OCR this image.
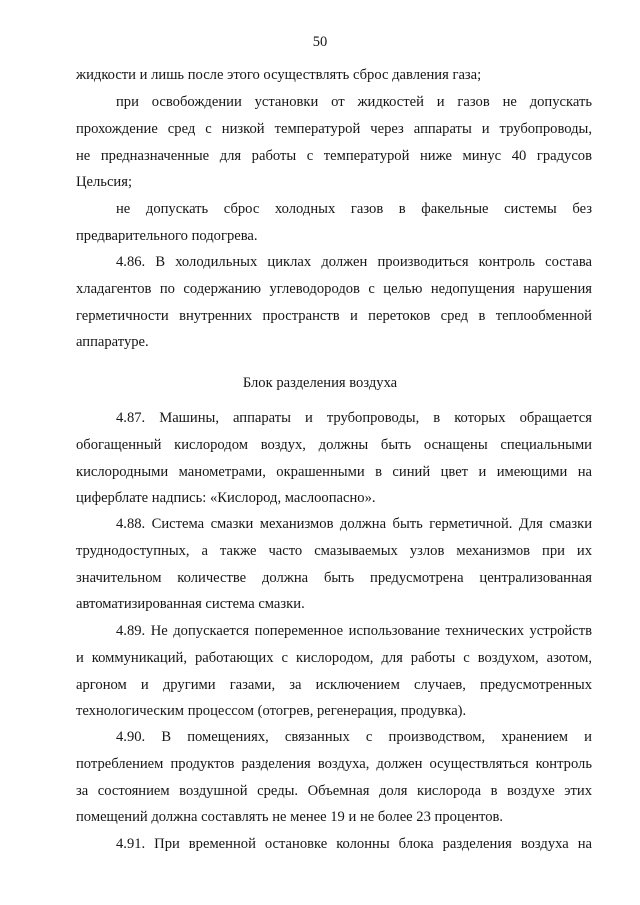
50
жидкости и лишь после этого осуществлять сброс давления газа;
при освобождении установки от жидкостей и газов не допускать
прохождение сред с низкой температурой через аппараты и трубопроводы,
не предназначенные для работы с температурой ниже минус 40 градусов
Цельсия;
не допускать сброс холодных газов в факельные системы без
предварительного подогрева.
4.86. В холодильных циклах должен производиться контроль состава
хладагентов по содержанию углеводородов с целью недопущения нарушения
герметичности внутренних пространств и перетоков сред в теплообменной
аппаратуре.
Блок разделения воздуха
4.87. Машины, аппараты и трубопроводы, в которых обращается
обогащенный кислородом воздух, должны быть оснащены специальными
кислородными манометрами, окрашенными в синий цвет и имеющими на
циферблате надпись: «Кислород, маслоопасно».
4.88. Система смазки механизмов должна быть герметичной. Для смазки
труднодоступных, а также часто смазываемых узлов механизмов при их
значительном количестве должна быть предусмотрена централизованная
автоматизированная система смазки.
4.89. Не допускается попеременное использование технических устройств
и коммуникаций, работающих с кислородом, для работы с воздухом, азотом,
аргоном и другими газами, за исключением случаев, предусмотренных
технологическим процессом (отогрев, регенерация, продувка).
4.90. В помещениях, связанных с производством, хранением и
потреблением продуктов разделения воздуха, должен осуществляться контроль
за состоянием воздушной среды. Объемная доля кислорода в воздухе этих
помещений должна составлять не менее 19 и не более 23 процентов.
4.91. При временной остановке колонны блока разделения воздуха на
